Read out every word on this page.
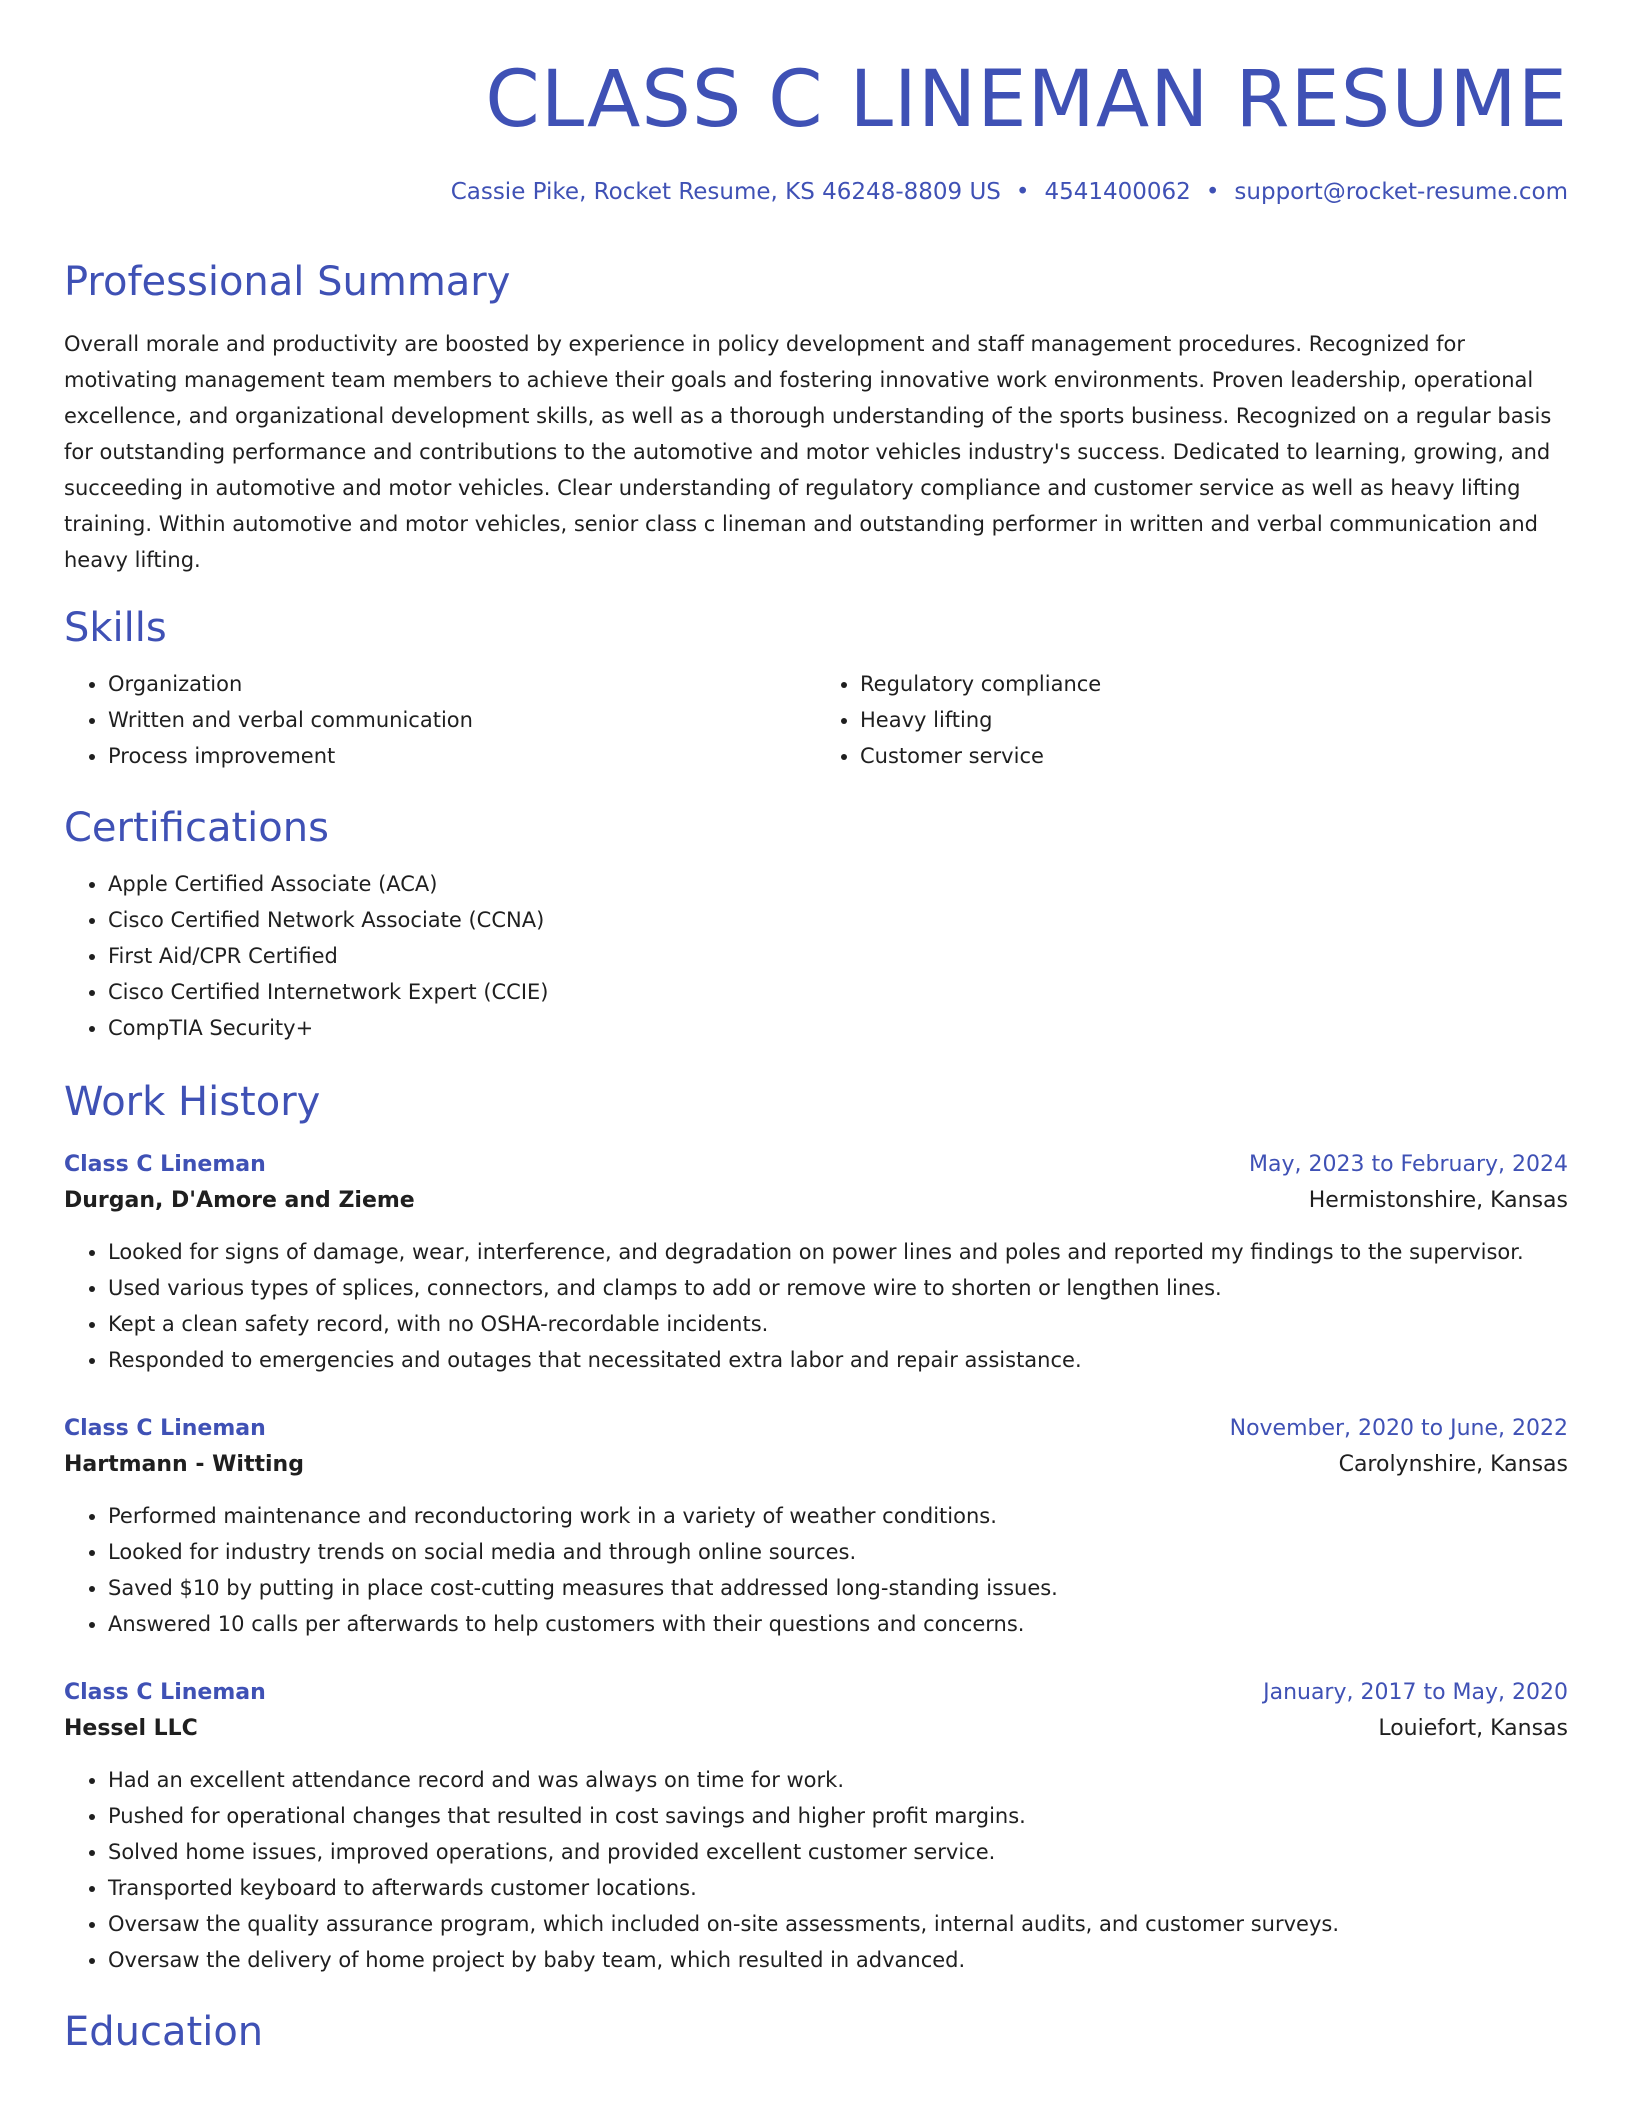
CLASS C LINEMAN RESUME
Cassie Pike, Rocket Resume, KS 46248-8809 US • 4541400062 • support@rocket-resume.com
Professional Summary
Overall morale and productivity are boosted by experience in policy development and staff management procedures. Recognized for motivating management team members to achieve their goals and fostering innovative work environments. Proven leadership, operational excellence, and organizational development skills, as well as a thorough understanding of the sports business. Recognized on a regular basis for outstanding performance and contributions to the automotive and motor vehicles industry's success. Dedicated to learning, growing, and succeeding in automotive and motor vehicles. Clear understanding of regulatory compliance and customer service as well as heavy lifting training. Within automotive and motor vehicles, senior class c lineman and outstanding performer in written and verbal communication and heavy lifting.
Skills
• Organization
• Written and verbal communication
• Process improvement
• Regulatory compliance
• Heavy lifting
• Customer service
Certifications
• Apple Certified Associate (ACA)
• Cisco Certified Network Associate (CCNA)
• First Aid/CPR Certified
• Cisco Certified Internetwork Expert (CCIE)
• CompTIA Security+
Work History
Class C Lineman	May, 2023 to February, 2024
Durgan, D'Amore and Zieme	Hermistonshire, Kansas
• Looked for signs of damage, wear, interference, and degradation on power lines and poles and reported my findings to the supervisor.
• Used various types of splices, connectors, and clamps to add or remove wire to shorten or lengthen lines.
• Kept a clean safety record, with no OSHA-recordable incidents.
• Responded to emergencies and outages that necessitated extra labor and repair assistance.
Class C Lineman	November, 2020 to June, 2022
Hartmann - Witting	Carolynshire, Kansas
• Performed maintenance and reconductoring work in a variety of weather conditions.
• Looked for industry trends on social media and through online sources.
• Saved $10 by putting in place cost-cutting measures that addressed long-standing issues.
• Answered 10 calls per afterwards to help customers with their questions and concerns.
Class C Lineman	January, 2017 to May, 2020
Hessel LLC	Louiefort, Kansas
• Had an excellent attendance record and was always on time for work.
• Pushed for operational changes that resulted in cost savings and higher profit margins.
• Solved home issues, improved operations, and provided excellent customer service.
• Transported keyboard to afterwards customer locations.
• Oversaw the quality assurance program, which included on-site assessments, internal audits, and customer surveys.
• Oversaw the delivery of home project by baby team, which resulted in advanced.
Education
